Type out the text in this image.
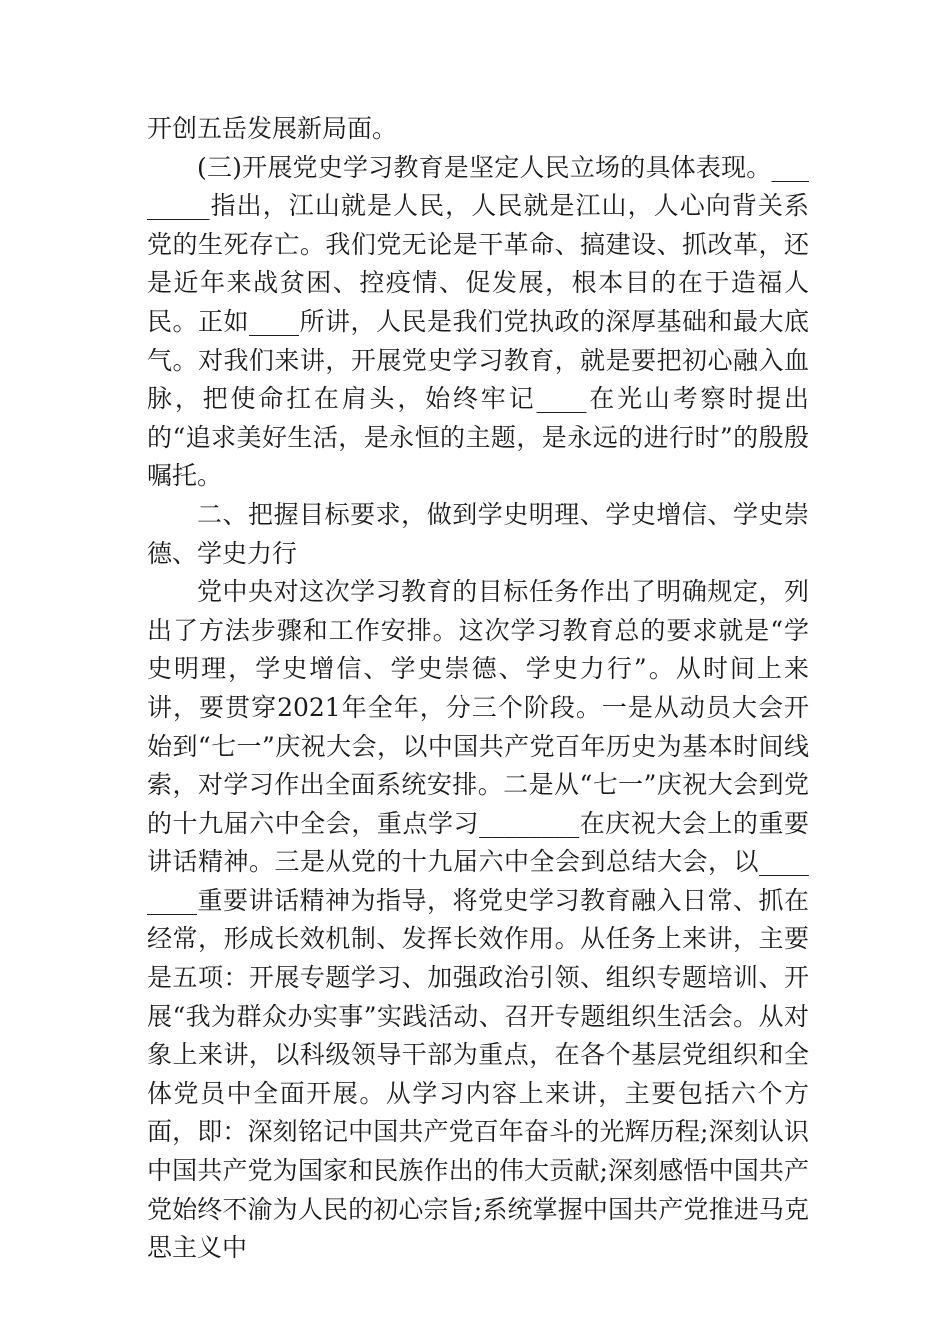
开创五岳发展新局面。

(三)开展党史学习教育是坚定人民立场的具体表现。________指出，江山就是人民，人民就是江山，人心向背关系党的生死存亡。我们党无论是干革命、搞建设、抓改革，还是近年来战贫困、控疫情、促发展，根本目的在于造福人民。正如____所讲，人民是我们党执政的深厚基础和最大底气。对我们来讲，开展党史学习教育，就是要把初心融入血脉，把使命扛在肩头，始终牢记____在光山考察时提出的“追求美好生活，是永恒的主题，是永远的进行时”的殷殷嘱托。

二、把握目标要求，做到学史明理、学史增信、学史崇德、学史力行

党中央对这次学习教育的目标任务作出了明确规定，列出了方法步骤和工作安排。这次学习教育总的要求就是“学史明理，学史增信、学史崇德、学史力行”。从时间上来讲，要贯穿2021年全年，分三个阶段。一是从动员大会开始到“七一”庆祝大会，以中国共产党百年历史为基本时间线索，对学习作出全面系统安排。二是从“七一”庆祝大会到党的十九届六中全会，重点学习________在庆祝大会上的重要讲话精神。三是从党的十九届六中全会到总结大会，以________重要讲话精神为指导，将党史学习教育融入日常、抓在经常，形成长效机制、发挥长效作用。从任务上来讲，主要是五项：开展专题学习、加强政治引领、组织专题培训、开展“我为群众办实事”实践活动、召开专题组织生活会。从对象上来讲，以科级领导干部为重点，在各个基层党组织和全体党员中全面开展。从学习内容上来讲，主要包括六个方面，即：深刻铭记中国共产党百年奋斗的光辉历程;深刻认识中国共产党为国家和民族作出的伟大贡献;深刻感悟中国共产党始终不渝为人民的初心宗旨;系统掌握中国共产党推进马克思主义中
